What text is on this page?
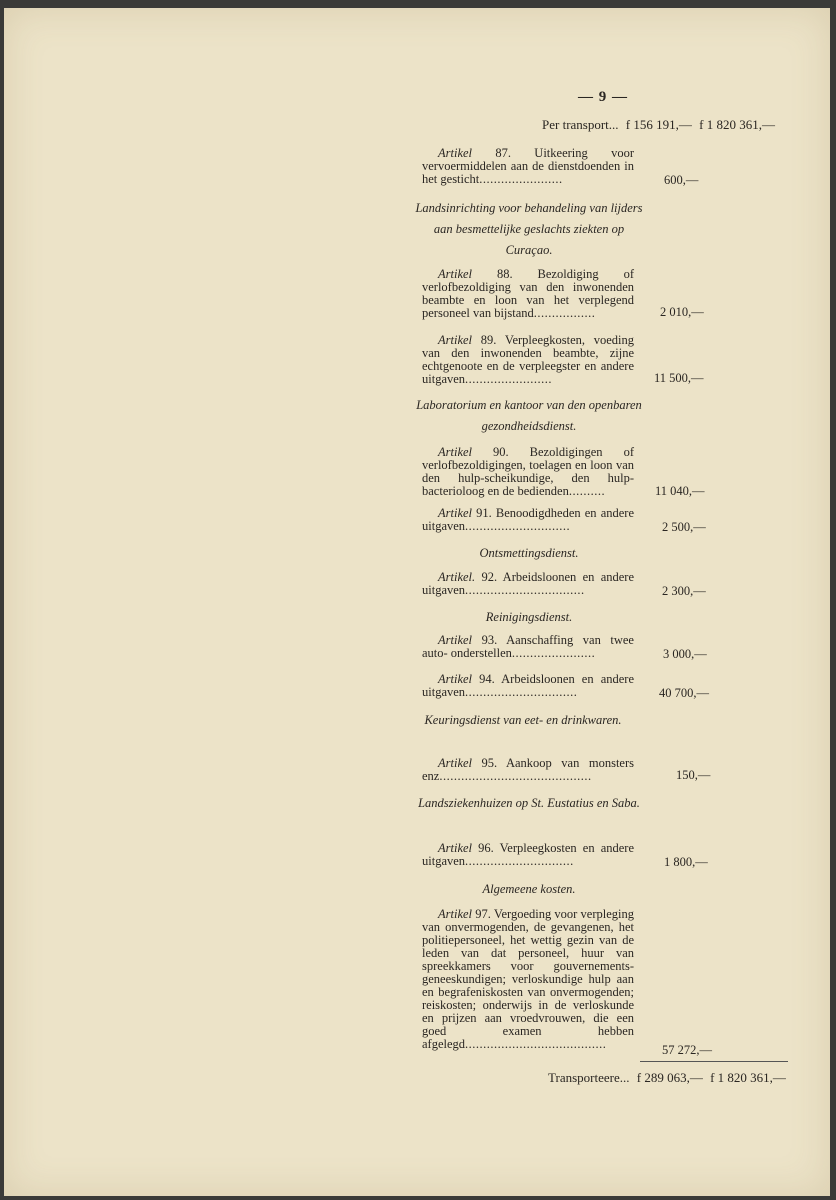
— 9 —
Per transport... f 156 191,— f 1 820 361,—
Artikel 87. Uitkeering voor vervoermiddelen aan de dienstdoenden in het gesticht.......................	600,—
Landsinrichting voor behandeling van lijders aan besmettelijke geslachts ziekten op Curaçao.
Artikel 88. Bezoldiging of verlofbezoldiging van den inwonenden beambte en loon van het verplegend personeel van bijstand.................	2 010,—
Artikel 89. Verpleegkosten, voeding van den inwonenden beambte, zijne echtgenoote en de verpleegster en andere uitgaven........................	11 500,—
Laboratorium en kantoor van den openbaren gezondheidsdienst.
Artikel 90. Bezoldigingen of verlofbezoldigingen, toelagen en loon van den hulp-scheikundige, den hulp-bacterioloog en de bedienden..........	11 040,—
Artikel 91. Benoodigdheden en andere uitgaven.............................	2 500,—
Ontsmettingsdienst.
Artikel. 92. Arbeidsloonen en andere uitgaven.................................	2 300,—
Reinigingsdienst.
Artikel 93. Aanschaffing van twee auto- onderstellen.......................	3 000,—
Artikel 94. Arbeidsloonen en andere uitgaven...............................	40 700,—
Keuringsdienst van eet- en drinkwaren.
Artikel 95. Aankoop van monsters enz..........................................	150,—
Landsziekenhuizen op St. Eustatius en Saba.
Artikel 96. Verpleegkosten en andere uitgaven..............................	1 800,—
Algemeene kosten.
Artikel 97. Vergoeding voor verpleging van onvermogenden, de gevangenen, het politiepersoneel, het wettig gezin van de leden van dat personeel, huur van spreekkamers voor gouvernements-geneeskundigen; verloskundige hulp aan en begrafeniskosten van onvermogenden; reiskosten; onderwijs in de verloskunde en prijzen aan vroedvrouwen, die een goed examen hebben afgelegd.......................................	57 272,—
Transporteere... f 289 063,— f 1 820 361,—
